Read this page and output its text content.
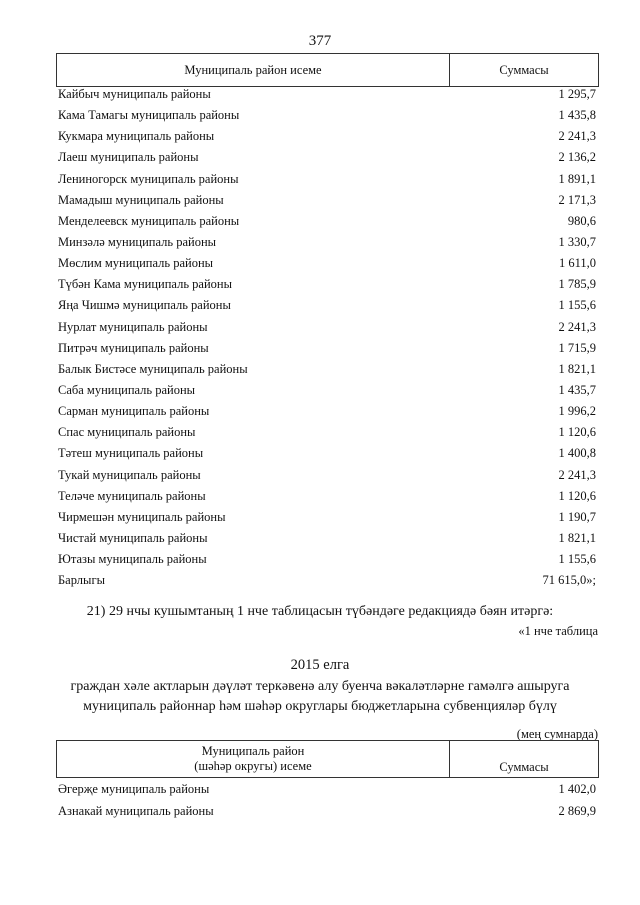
377
Муниципаль район исеме	Суммасы
Кайбыч муниципаль районы	1 295,7
Кама Тамагы муниципаль районы	1 435,8
Кукмара муниципаль районы	2 241,3
Лаеш муниципаль районы	2 136,2
Лениногорск муниципаль районы	1 891,1
Мамадыш муниципаль районы	2 171,3
Менделеевск муниципаль районы	980,6
Минзәлә муниципаль районы	1 330,7
Мөслим муниципаль районы	1 611,0
Түбән Кама муниципаль районы	1 785,9
Яңа Чишмә муниципаль районы	1 155,6
Нурлат муниципаль районы	2 241,3
Питрәч муниципаль районы	1 715,9
Балык Бистәсе муниципаль районы	1 821,1
Саба муниципаль районы	1 435,7
Сарман муниципаль районы	1 996,2
Спас муниципаль районы	1 120,6
Тәтеш муниципаль районы	1 400,8
Тукай муниципаль районы	2 241,3
Теләче муниципаль районы	1 120,6
Чирмешән муниципаль районы	1 190,7
Чистай муниципаль районы	1 821,1
Ютазы муниципаль районы	1 155,6
Барлыгы	71 615,0»;
21) 29 нчы кушымтаның 1 нче таблицасын түбәндәге редакциядә бәян итәргә:
«1 нче таблица
2015 елга
граждан хәле актларын дәүләт теркәвенә алу буенча вәкаләтләрне гамәлгә ашыруга
муниципаль районнар һәм шәһәр округлары бюджетларына субвенцияләр бүлү
(мең сумнарда)
Муниципаль район
(шәһәр округы) исеме	Суммасы
Әгерҗе муниципаль районы	1 402,0
Азнакай муниципаль районы	2 869,9
